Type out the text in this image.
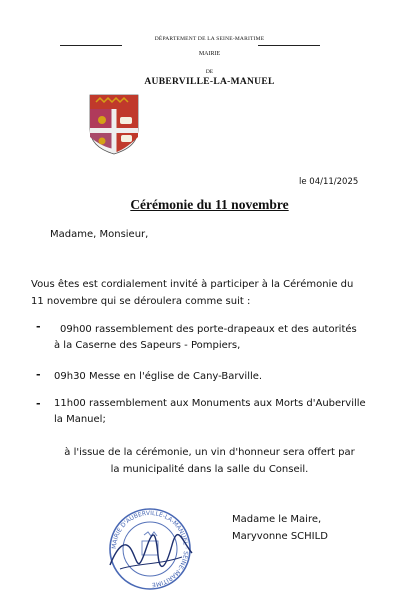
DÉPARTEMENT DE LA SEINE-MARITIME
MAIRIE
DE
AUBERVILLE-LA-MANUEL
le 04/11/2025
Cérémonie du 11 novembre
Madame, Monsieur,
Vous êtes est cordialement invité à participer à la Cérémonie du
11 novembre qui se déroulera comme suit :
- 09h00 rassemblement des porte-drapeaux et des autorités
à la Caserne des Sapeurs - Pompiers,
- 09h30 Messe en l'église de Cany-Barville.
- 11h00 rassemblement aux Monuments aux Morts d'Auberville
la Manuel;
à l'issue de la cérémonie, un vin d'honneur sera offert par
la municipalité dans la salle du Conseil.
Madame le Maire,
Maryvonne SCHILD
MAIRIE D'AUBERVILLE-LA-MANUEL · SEINE-MARITIME
